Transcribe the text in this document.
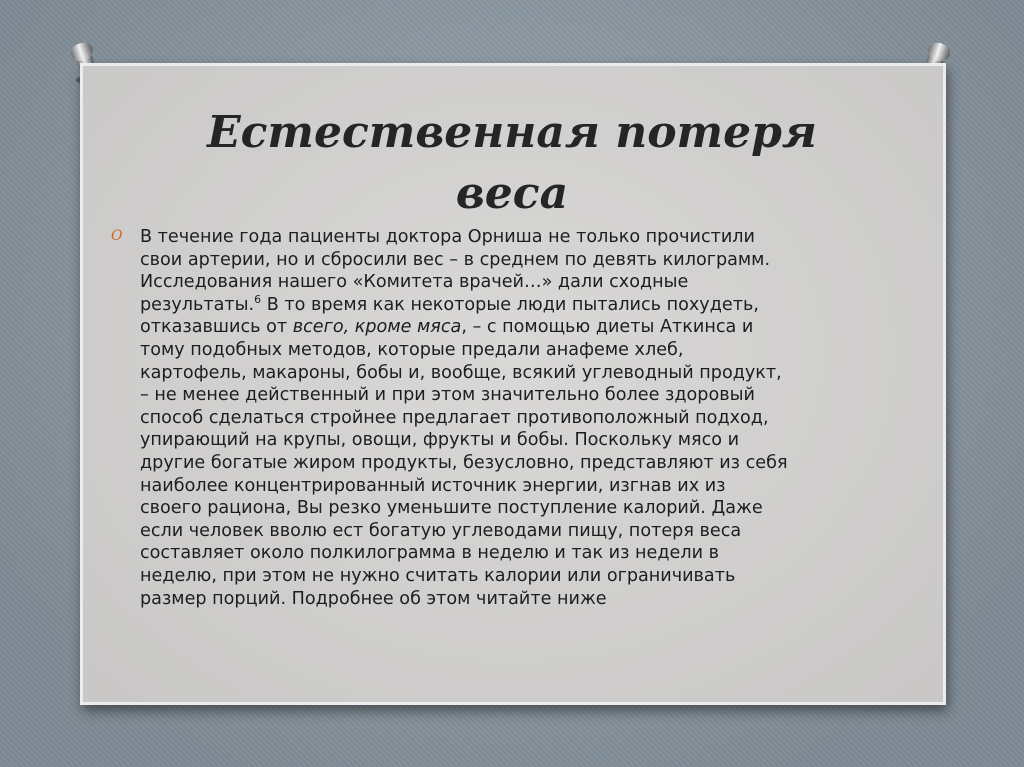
Естественная потеря
веса
O В течение года пациенты доктора Орниша не только прочистили
свои артерии, но и сбросили вес – в среднем по девять килограмм.
Исследования нашего «Комитета врачей…» дали сходные
результаты.$^6$ В то время как некоторые люди пытались похудеть,
отказавшись от всего, кроме мяса, – с помощью диеты Аткинса и
тому подобных методов, которые предали анафеме хлеб,
картофель, макароны, бобы и, вообще, всякий углеводный продукт,
– не менее действенный и при этом значительно более здоровый
способ сделаться стройнее предлагает противоположный подход,
упирающий на крупы, овощи, фрукты и бобы. Поскольку мясо и
другие богатые жиром продукты, безусловно, представляют из себя
наиболее концентрированный источник энергии, изгнав их из
своего рациона, Вы резко уменьшите поступление калорий. Даже
если человек вволю ест богатую углеводами пищу, потеря веса
составляет около полкилограмма в неделю и так из недели в
неделю, при этом не нужно считать калории или ограничивать
размер порций. Подробнее об этом читайте ниже
